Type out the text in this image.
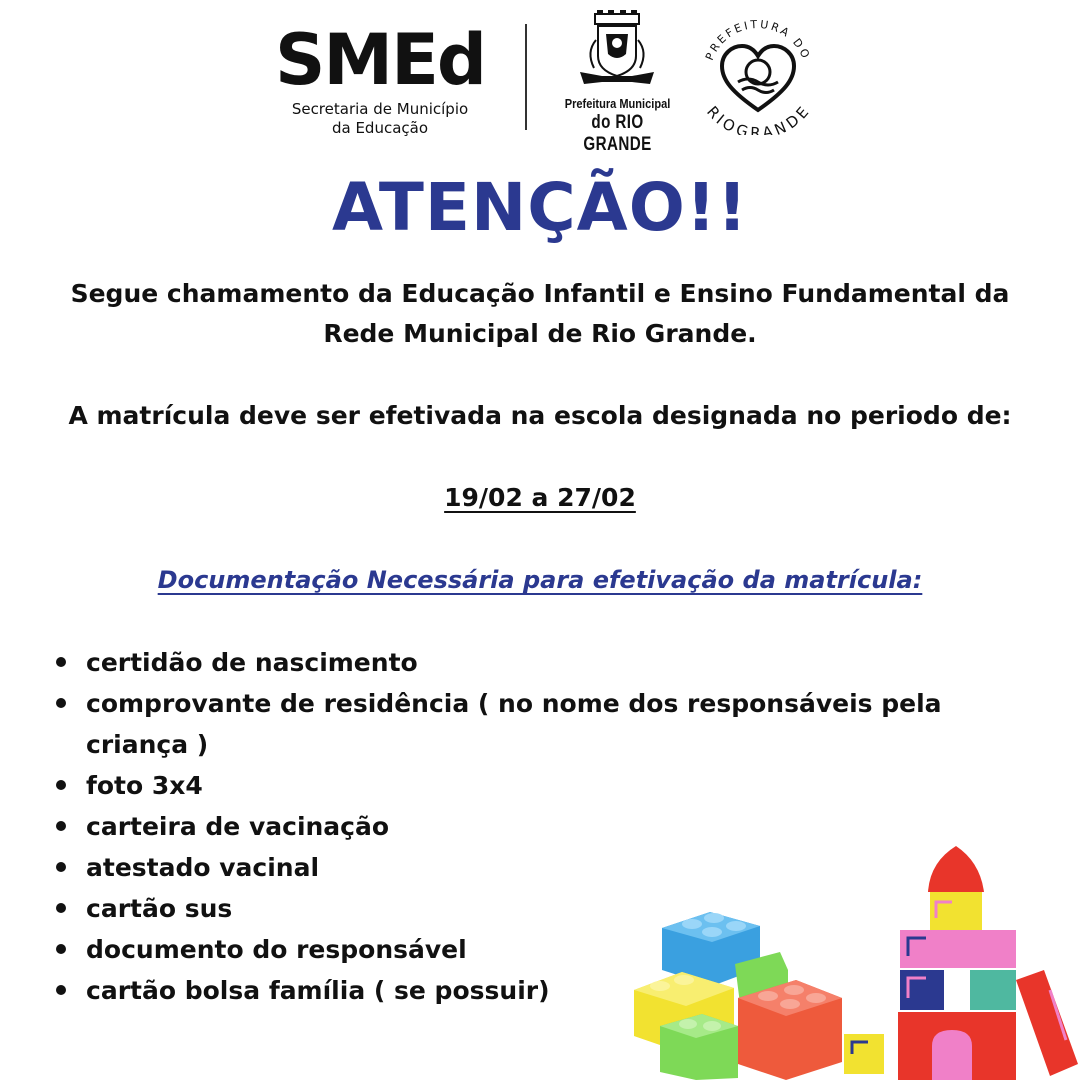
SMEd
Secretaria de Município
da Educação
Prefeitura Municipal
do RIO GRANDE
PREFEITURA DO
RIOGRANDE
ATENÇÃO!!
Segue chamamento da Educação Infantil e Ensino Fundamental da
Rede Municipal de Rio Grande.
A matrícula deve ser efetivada na escola designada no periodo de:
19/02 a 27/02
Documentação Necessária para efetivação da matrícula:
certidão de nascimento
comprovante de residência ( no nome dos responsáveis pela criança )
foto 3x4
carteira de vacinação
atestado vacinal
cartão sus
documento do responsável
cartão bolsa família ( se possuir)
